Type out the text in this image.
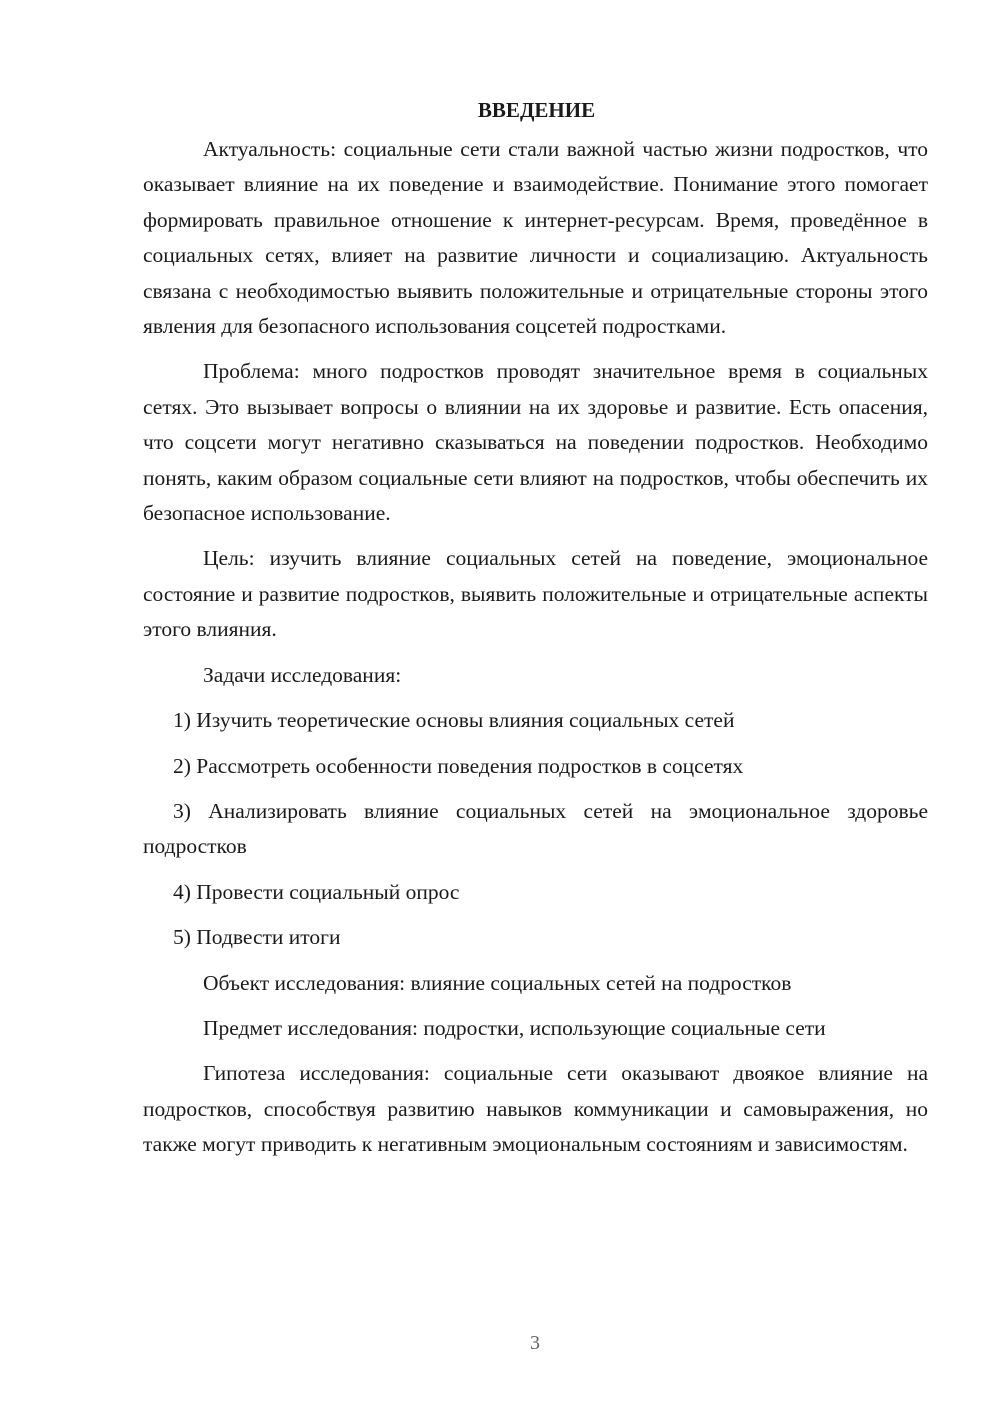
ВВЕДЕНИЕ

Актуальность: социальные сети стали важной частью жизни подростков, что оказывает влияние на их поведение и взаимодействие. Понимание этого помогает формировать правильное отношение к интернет-ресурсам. Время, проведённое в социальных сетях, влияет на развитие личности и социализацию. Актуальность связана с необходимостью выявить положительные и отрицательные стороны этого явления для безопасного использования соцсетей подростками.

Проблема: много подростков проводят значительное время в социальных сетях. Это вызывает вопросы о влиянии на их здоровье и развитие. Есть опасения, что соцсети могут негативно сказываться на поведении подростков. Необходимо понять, каким образом социальные сети влияют на подростков, чтобы обеспечить их безопасное использование.

Цель: изучить влияние социальных сетей на поведение, эмоциональное состояние и развитие подростков, выявить положительные и отрицательные аспекты этого влияния.

Задачи исследования:

1) Изучить теоретические основы влияния социальных сетей

2) Рассмотреть особенности поведения подростков в соцсетях

3) Анализировать влияние социальных сетей на эмоциональное здоровье подростков

4) Провести социальный опрос

5) Подвести итоги

Объект исследования: влияние социальных сетей на подростков

Предмет исследования: подростки, использующие социальные сети

Гипотеза исследования: социальные сети оказывают двоякое влияние на подростков, способствуя развитию навыков коммуникации и самовыражения, но также могут приводить к негативным эмоциональным состояниям и зависимостям.

3
